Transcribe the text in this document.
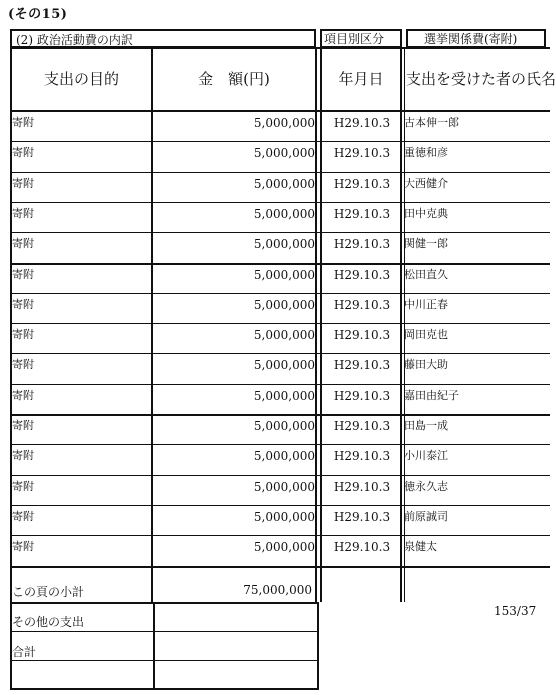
(その15)
(2) 政治活動費の内訳	項目別区分	選挙関係費(寄附)
支出の目的	金　額(円)	年月日	支出を受けた者の氏名
寄附	5,000,000	H29.10.3	古本伸一郎
寄附	5,000,000	H29.10.3	重徳和彦
寄附	5,000,000	H29.10.3	大西健介
寄附	5,000,000	H29.10.3	田中克典
寄附	5,000,000	H29.10.3	関健一郎
寄附	5,000,000	H29.10.3	松田直久
寄附	5,000,000	H29.10.3	中川正春
寄附	5,000,000	H29.10.3	岡田克也
寄附	5,000,000	H29.10.3	藤田大助
寄附	5,000,000	H29.10.3	嘉田由紀子
寄附	5,000,000	H29.10.3	田島一成
寄附	5,000,000	H29.10.3	小川泰江
寄附	5,000,000	H29.10.3	徳永久志
寄附	5,000,000	H29.10.3	前原誠司
寄附	5,000,000	H29.10.3	泉健太
この頁の小計	75,000,000
その他の支出
合計
153/37
